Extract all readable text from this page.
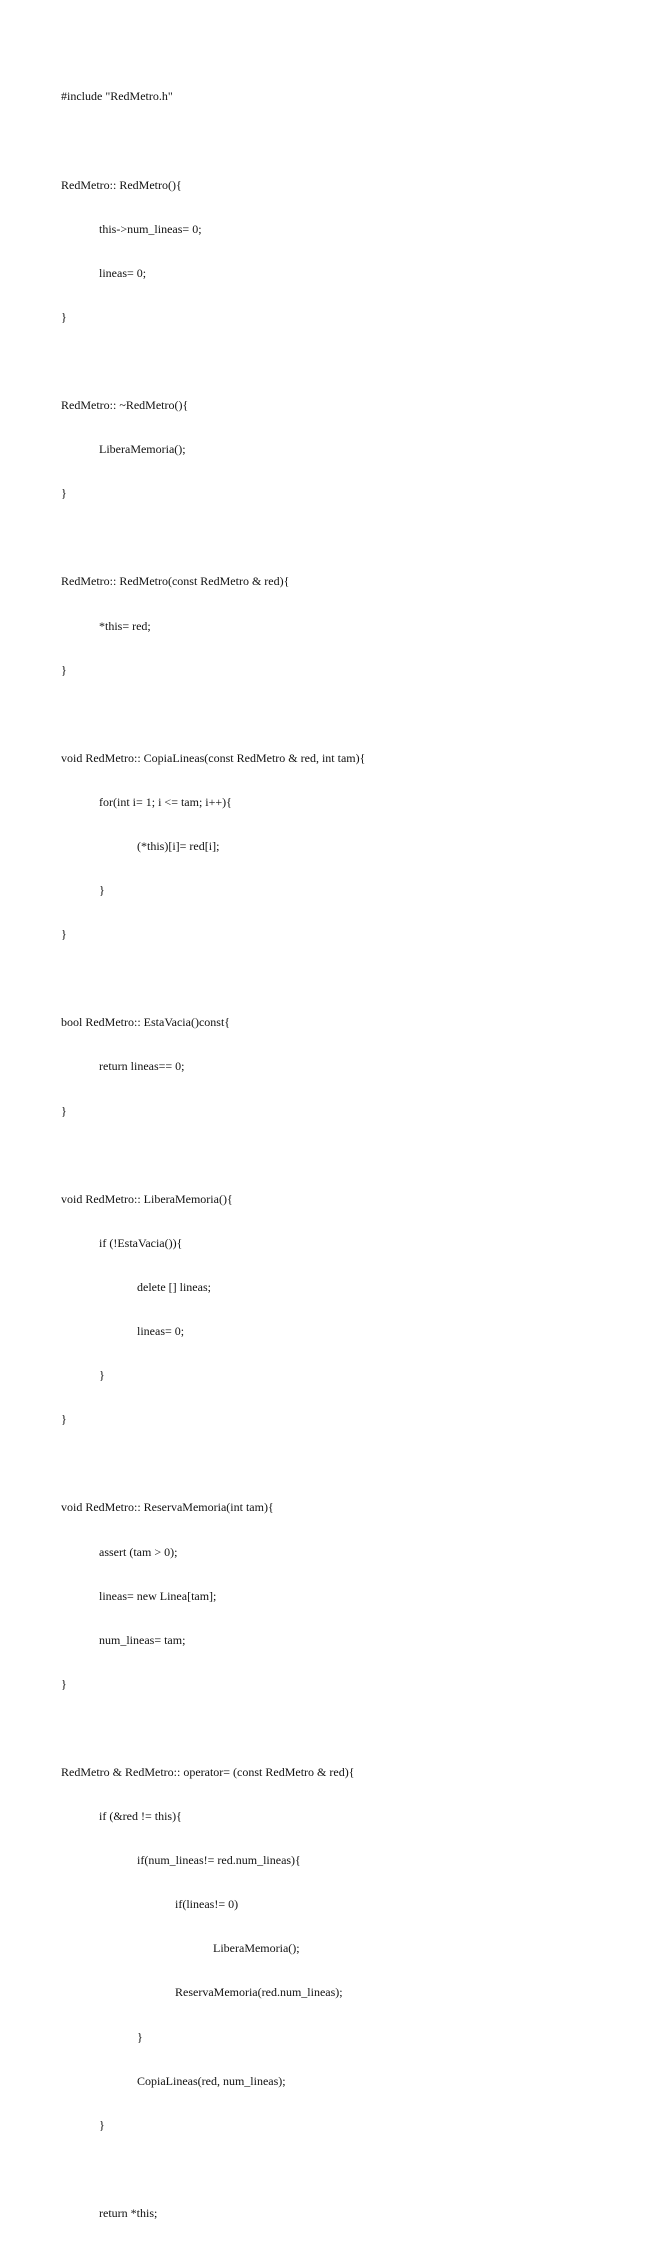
#include "RedMetro.h"

RedMetro:: RedMetro(){

	this->num_lineas= 0;

	lineas= 0;

}

RedMetro:: ~RedMetro(){

	LiberaMemoria();

}

RedMetro:: RedMetro(const RedMetro & red){

	*this= red;

}

void RedMetro:: CopiaLineas(const RedMetro & red, int tam){

	for(int i= 1; i <= tam; i++){

		(*this)[i]= red[i];

	}

}

bool RedMetro:: EstaVacia()const{

	return lineas== 0;

}

void RedMetro:: LiberaMemoria(){

	if (!EstaVacia()){

		delete [] lineas;

		lineas= 0;

	}

}

void RedMetro:: ReservaMemoria(int tam){

	assert (tam > 0);

	lineas= new Linea[tam];

	num_lineas= tam;

}

RedMetro & RedMetro:: operator= (const RedMetro & red){

	if (&red != this){

		if(num_lineas!= red.num_lineas){

			if(lineas!= 0)

				LiberaMemoria();

			ReservaMemoria(red.num_lineas);

		}

		CopiaLineas(red, num_lineas);

	}

	return *this;
